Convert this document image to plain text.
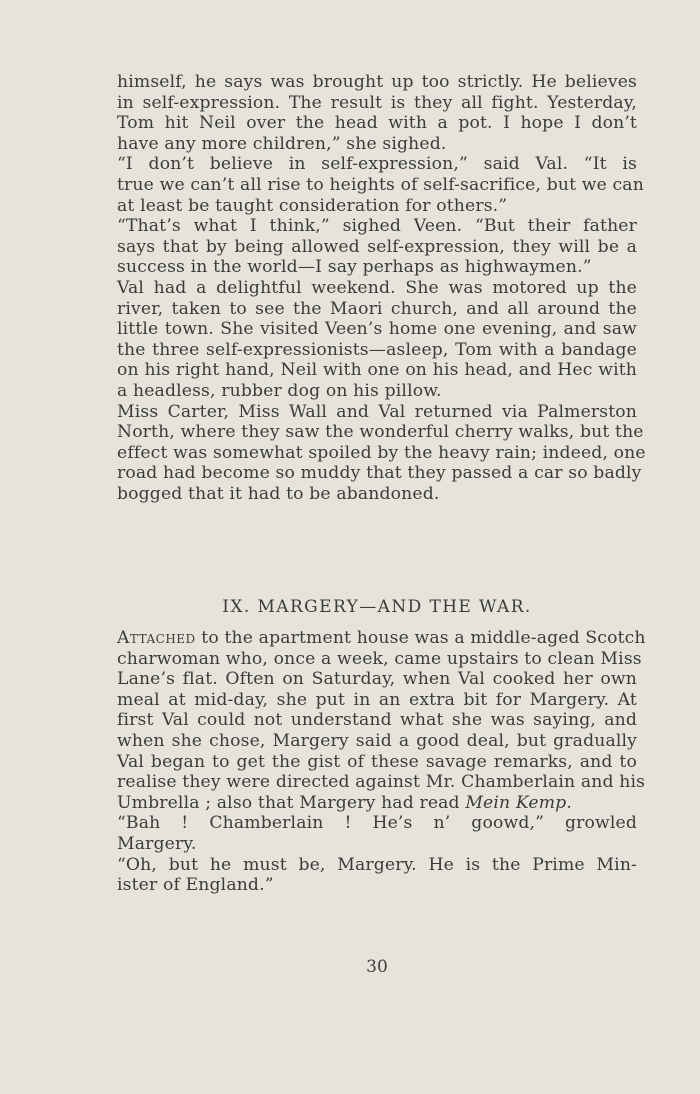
himself, he says was brought up too strictly. He believes
in self-expression. The result is they all fight. Yesterday,
Tom hit Neil over the head with a pot. I hope I don’t
have any more children,” she sighed.
“I don’t believe in self-expression,” said Val. “It is
true we can’t all rise to heights of self-sacrifice, but we can
at least be taught consideration for others.”
“That’s what I think,” sighed Veen. “But their father
says that by being allowed self-expression, they will be a
success in the world—I say perhaps as highwaymen.”
Val had a delightful weekend. She was motored up the
river, taken to see the Maori church, and all around the
little town. She visited Veen’s home one evening, and saw
the three self-expressionists—asleep, Tom with a bandage
on his right hand, Neil with one on his head, and Hec with
a headless, rubber dog on his pillow.
Miss Carter, Miss Wall and Val returned via Palmerston
North, where they saw the wonderful cherry walks, but the
effect was somewhat spoiled by the heavy rain; indeed, one
road had become so muddy that they passed a car so badly
bogged that it had to be abandoned.
IX. MARGERY—AND THE WAR.
Attached to the apartment house was a middle-aged Scotch
charwoman who, once a week, came upstairs to clean Miss
Lane’s flat. Often on Saturday, when Val cooked her own
meal at mid-day, she put in an extra bit for Margery. At
first Val could not understand what she was saying, and
when she chose, Margery said a good deal, but gradually
Val began to get the gist of these savage remarks, and to
realise they were directed against Mr. Chamberlain and his
Umbrella ; also that Margery had read Mein Kemp.
“Bah ! Chamberlain ! He’s n’ goowd,” growled
Margery.
“Oh, but he must be, Margery. He is the Prime Min-
ister of England.”
30
